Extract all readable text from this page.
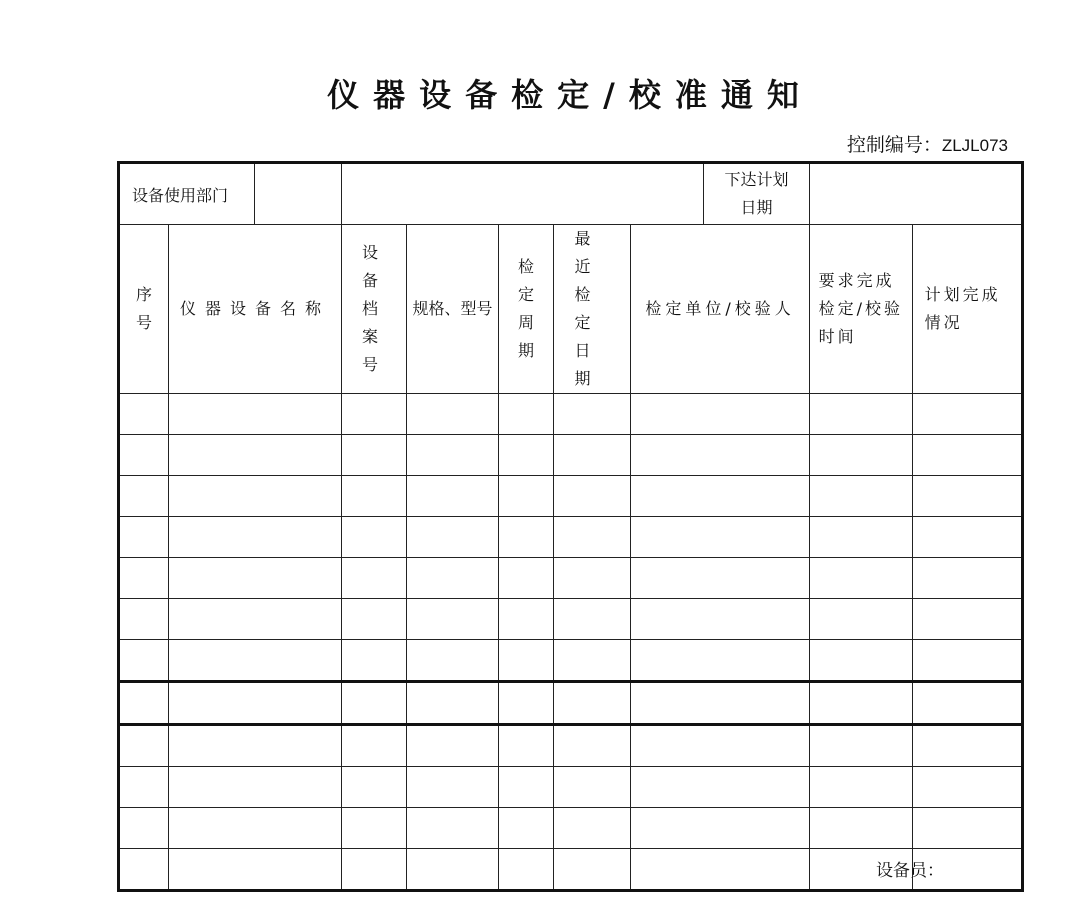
仪器设备检定/校准通知
控制编号：ZLJL073
设备使用部门		下达计划
日期						

序号	仪器设备名称	设备档案号	规格、型号	检定周期	最近检定日期	检定单位/校验人	要求完成检定/校验时间	计划完成情况

设备员：
